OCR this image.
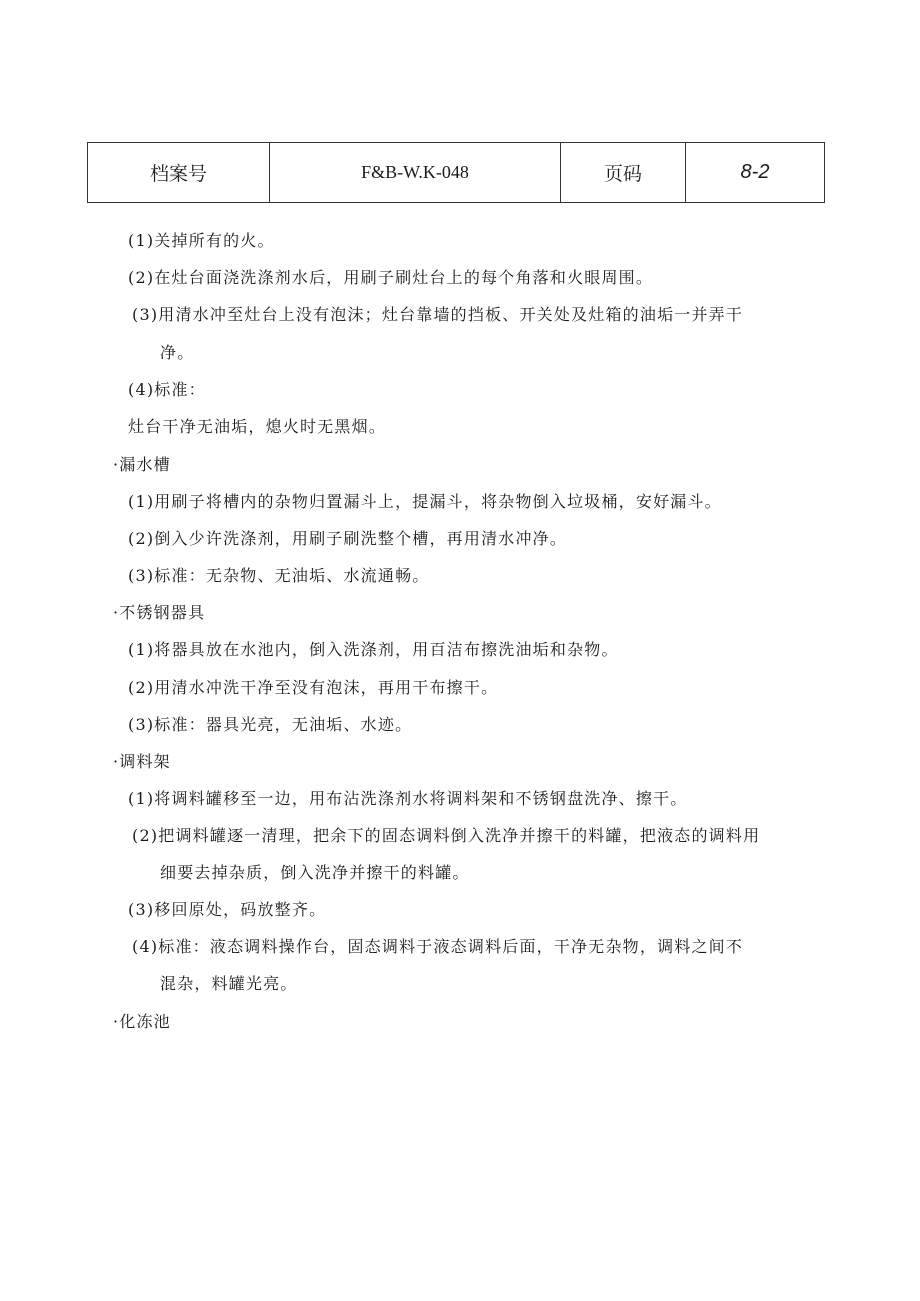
档案号	F&B-W.K-048	页码	8-2
(1)关掉所有的火。
(2)在灶台面浇洗涤剂水后，用刷子刷灶台上的每个角落和火眼周围。
(3)用清水冲至灶台上没有泡沫；灶台靠墙的挡板、开关处及灶箱的油垢一并弄干
净。
(4)标准：
灶台干净无油垢，熄火时无黑烟。
·漏水槽
(1)用刷子将槽内的杂物归置漏斗上，提漏斗，将杂物倒入垃圾桶，安好漏斗。
(2)倒入少许洗涤剂，用刷子刷洗整个槽，再用清水冲净。
(3)标准：无杂物、无油垢、水流通畅。
·不锈钢器具
(1)将器具放在水池内，倒入洗涤剂，用百洁布擦洗油垢和杂物。
(2)用清水冲洗干净至没有泡沫，再用干布擦干。
(3)标准：器具光亮，无油垢、水迹。
·调料架
(1)将调料罐移至一边，用布沾洗涤剂水将调料架和不锈钢盘洗净、擦干。
(2)把调料罐逐一清理，把余下的固态调料倒入洗净并擦干的料罐，把液态的调料用
细要去掉杂质，倒入洗净并擦干的料罐。
(3)移回原处，码放整齐。
(4)标准：液态调料操作台，固态调料于液态调料后面，干净无杂物，调料之间不
混杂，料罐光亮。
·化冻池
